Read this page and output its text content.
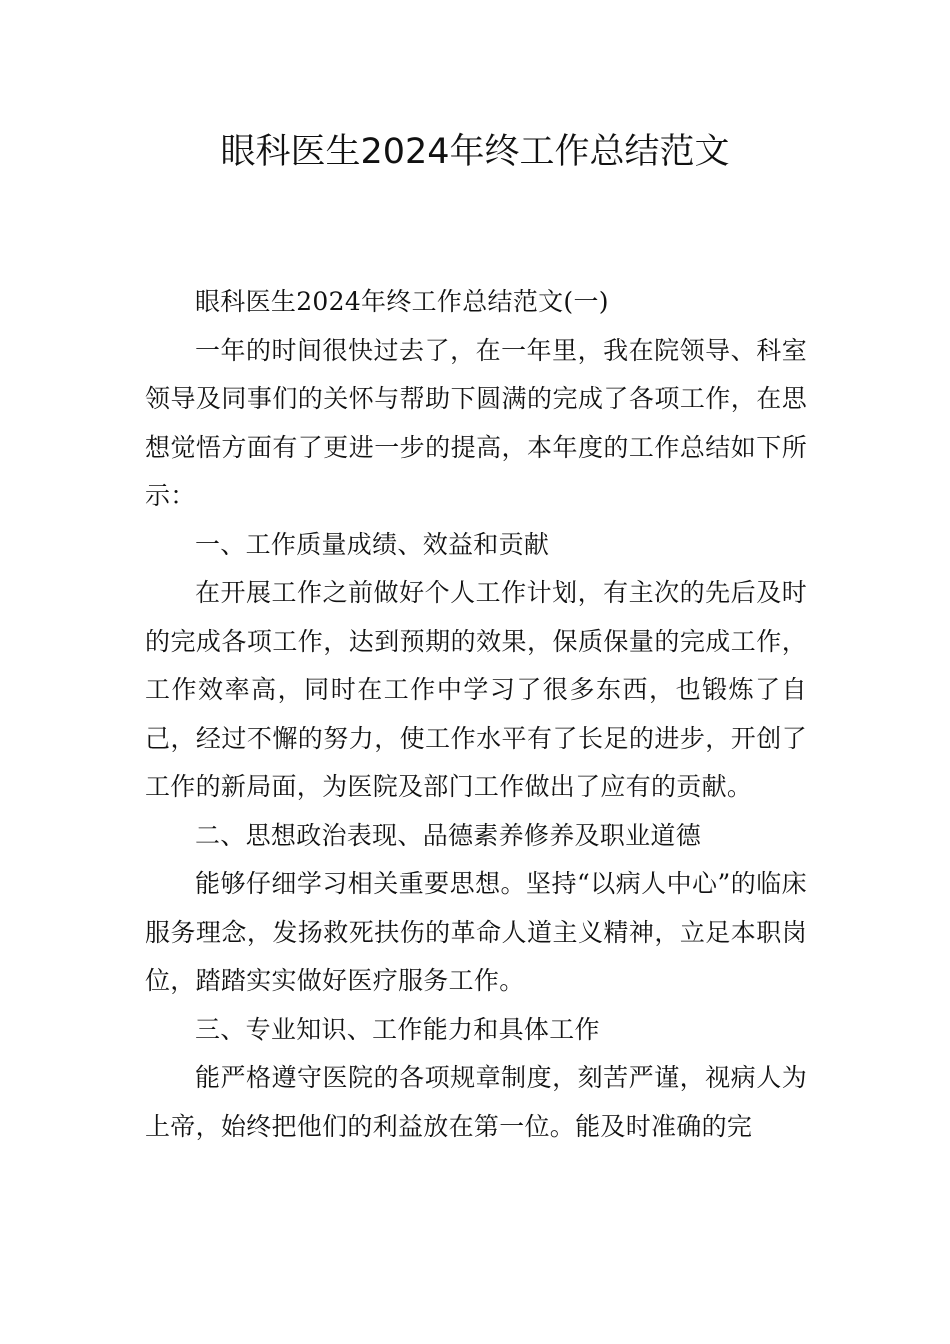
眼科医生2024年终工作总结范文

眼科医生2024年终工作总结范文(一)

一年的时间很快过去了，在一年里，我在院领导、科室领导及同事们的关怀与帮助下圆满的完成了各项工作，在思想觉悟方面有了更进一步的提高，本年度的工作总结如下所示：

一、工作质量成绩、效益和贡献

在开展工作之前做好个人工作计划，有主次的先后及时的完成各项工作，达到预期的效果，保质保量的完成工作，工作效率高，同时在工作中学习了很多东西，也锻炼了自己，经过不懈的努力，使工作水平有了长足的进步，开创了工作的新局面，为医院及部门工作做出了应有的贡献。

二、思想政治表现、品德素养修养及职业道德

能够仔细学习相关重要思想。坚持“以病人中心”的临床服务理念，发扬救死扶伤的革命人道主义精神，立足本职岗位，踏踏实实做好医疗服务工作。

三、专业知识、工作能力和具体工作

能严格遵守医院的各项规章制度，刻苦严谨，视病人为上帝，始终把他们的利益放在第一位。能及时准确的完
